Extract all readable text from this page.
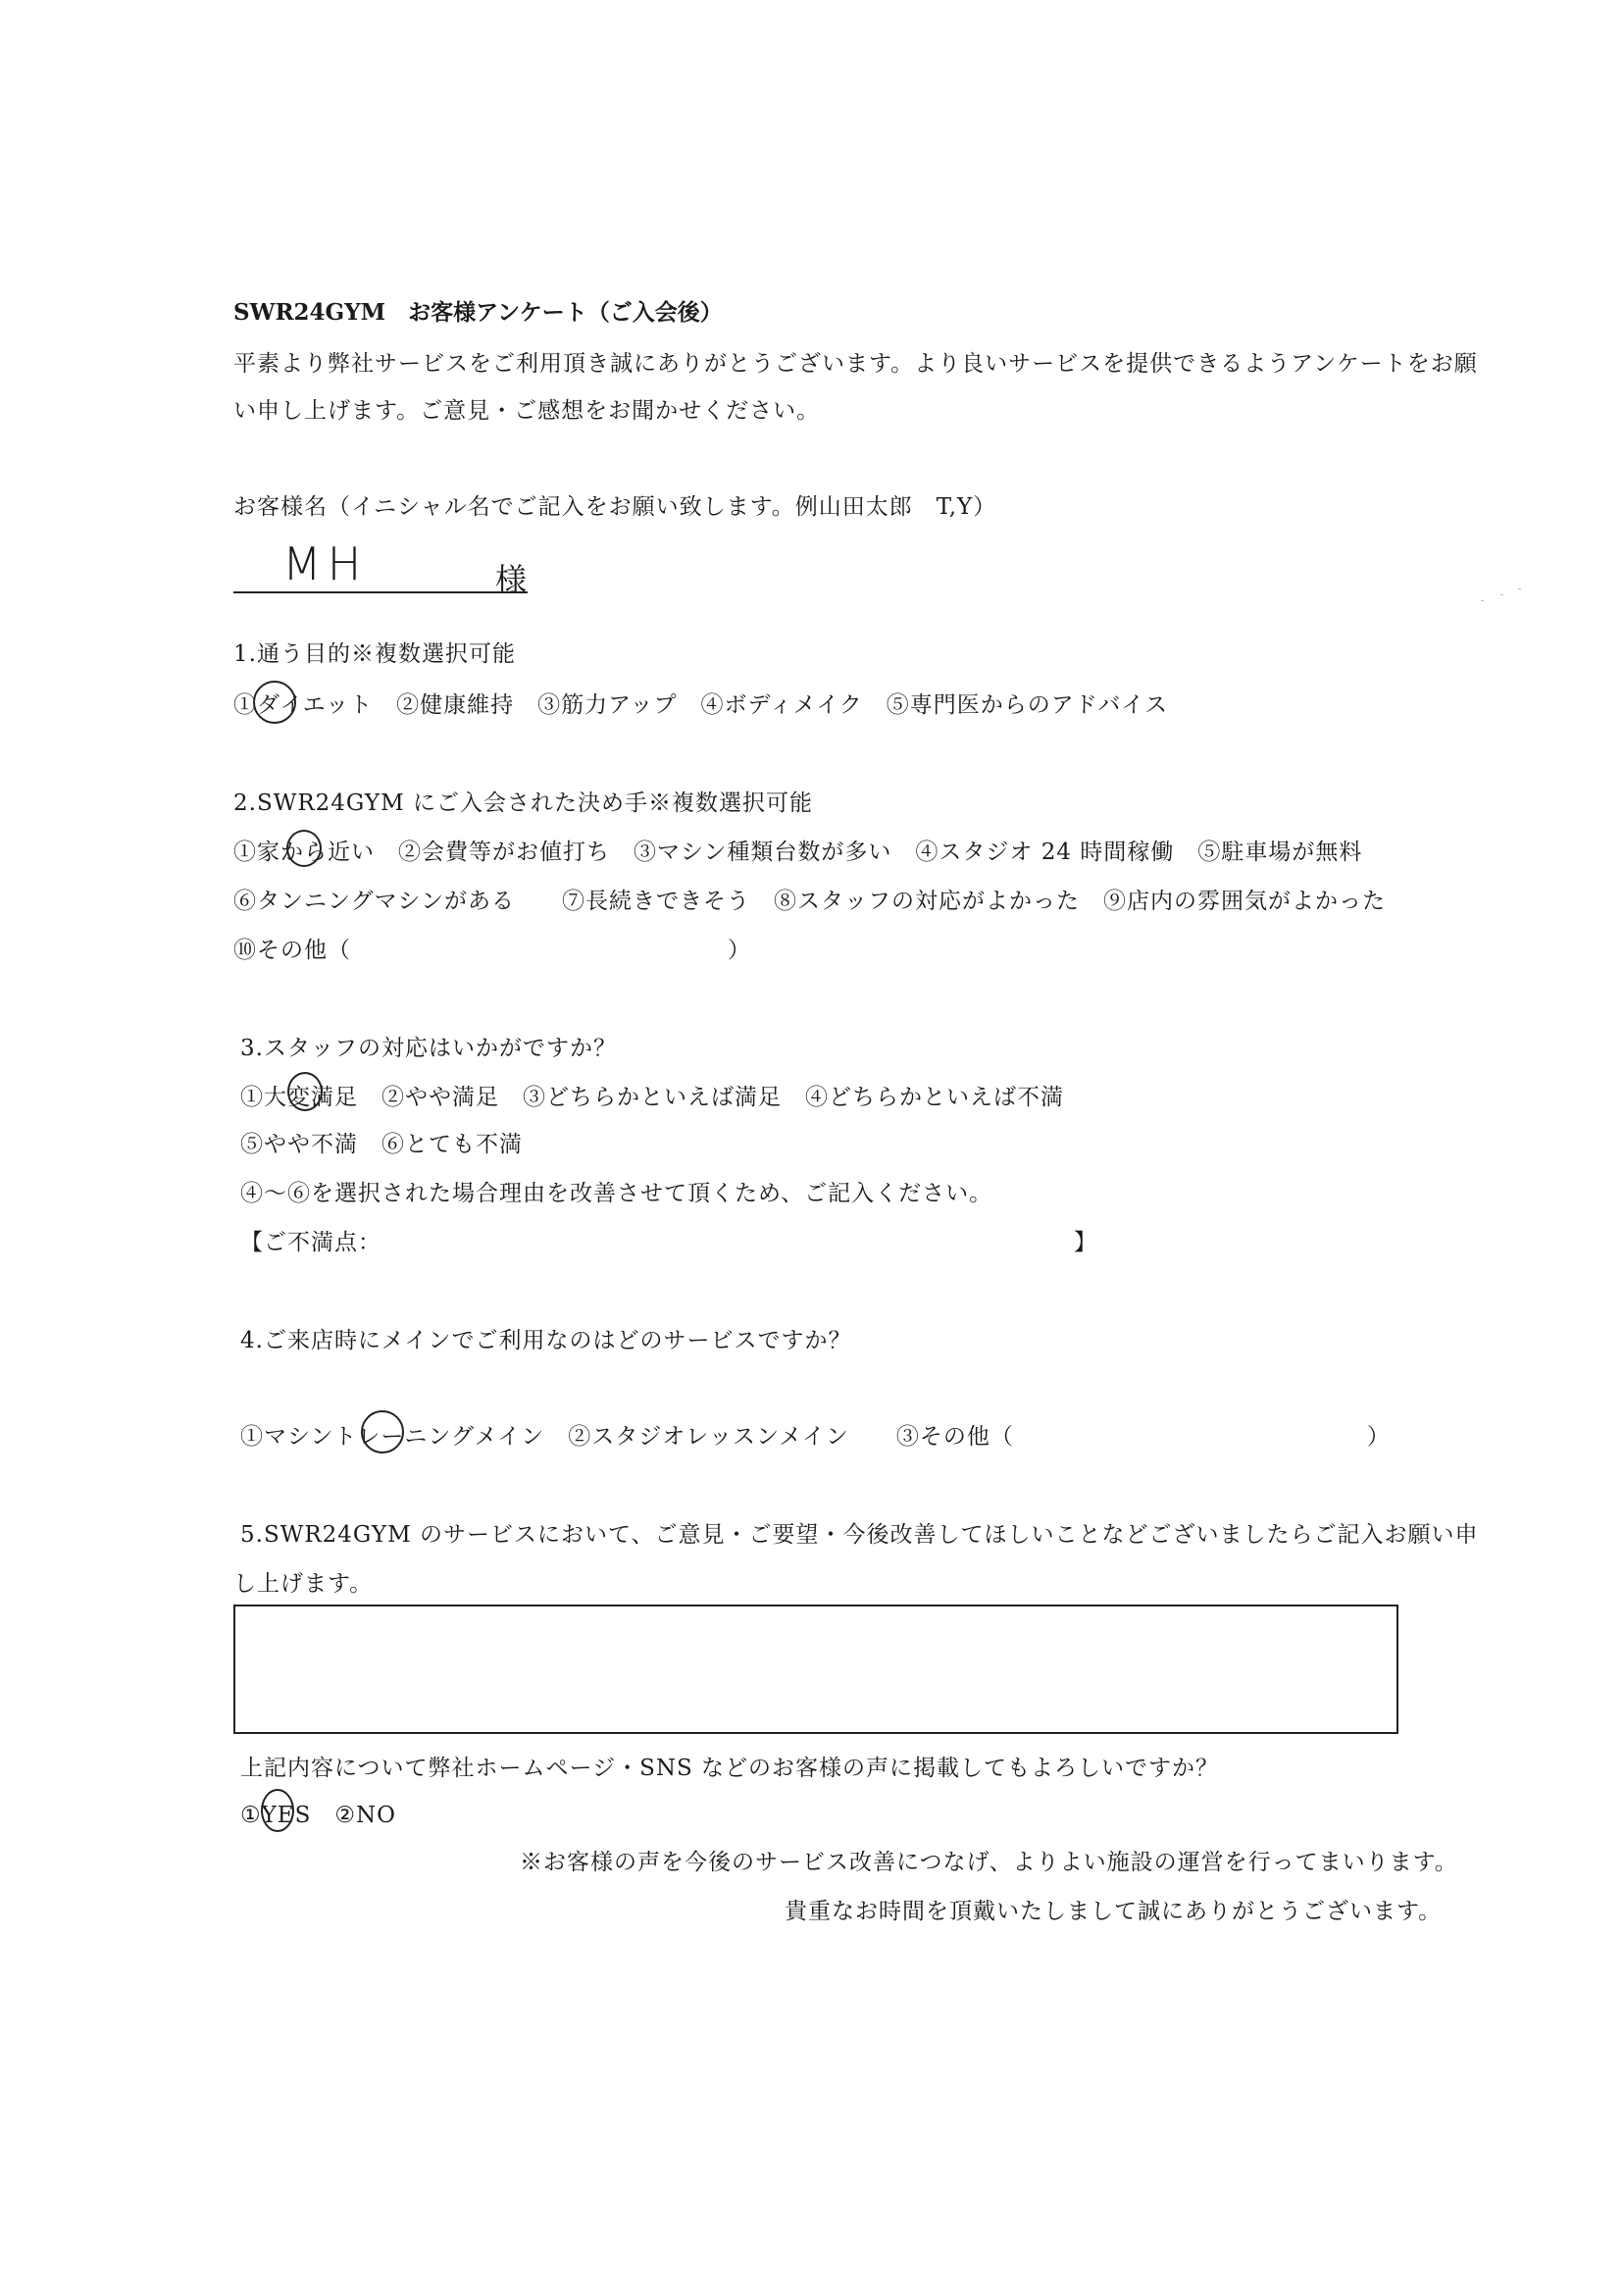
SWR24GYM　お客様アンケート（ご入会後）
平素より弊社サービスをご利用頂き誠にありがとうございます。より良いサービスを提供できるようアンケートをお願
い申し上げます。ご意見・ご感想をお聞かせください。
お客様名（イニシャル名でご記入をお願い致します。例山田太郎　T,Y）
MH	様
1.通う目的※複数選択可能
①ダイエット　②健康維持　③筋力アップ　④ボディメイク　⑤専門医からのアドバイス
2.SWR24GYM にご入会された決め手※複数選択可能
①家から近い　②会費等がお値打ち　③マシン種類台数が多い　④スタジオ 24 時間稼働　⑤駐車場が無料
⑥タンニングマシンがある　　⑦長続きできそう　⑧スタッフの対応がよかった　⑨店内の雰囲気がよかった
⑩その他（　　　　　　　　　　　　　　　　）
3.スタッフの対応はいかがですか？
①大変満足　②やや満足　③どちらかといえば満足　④どちらかといえば不満
⑤やや不満　⑥とても不満
④～⑥を選択された場合理由を改善させて頂くため、ご記入ください。
【ご不満点：	】
4.ご来店時にメインでご利用なのはどのサービスですか？
①マシントレーニングメイン　②スタジオレッスンメイン　　③その他（　　　　　　　　　　　　　　　）
5.SWR24GYM のサービスにおいて、ご意見・ご要望・今後改善してほしいことなどございましたらご記入お願い申
し上げます。
上記内容について弊社ホームページ・SNS などのお客様の声に掲載してもよろしいですか？
①YES　②NO
※お客様の声を今後のサービス改善につなげ、よりよい施設の運営を行ってまいります。
貴重なお時間を頂戴いたしまして誠にありがとうございます。
